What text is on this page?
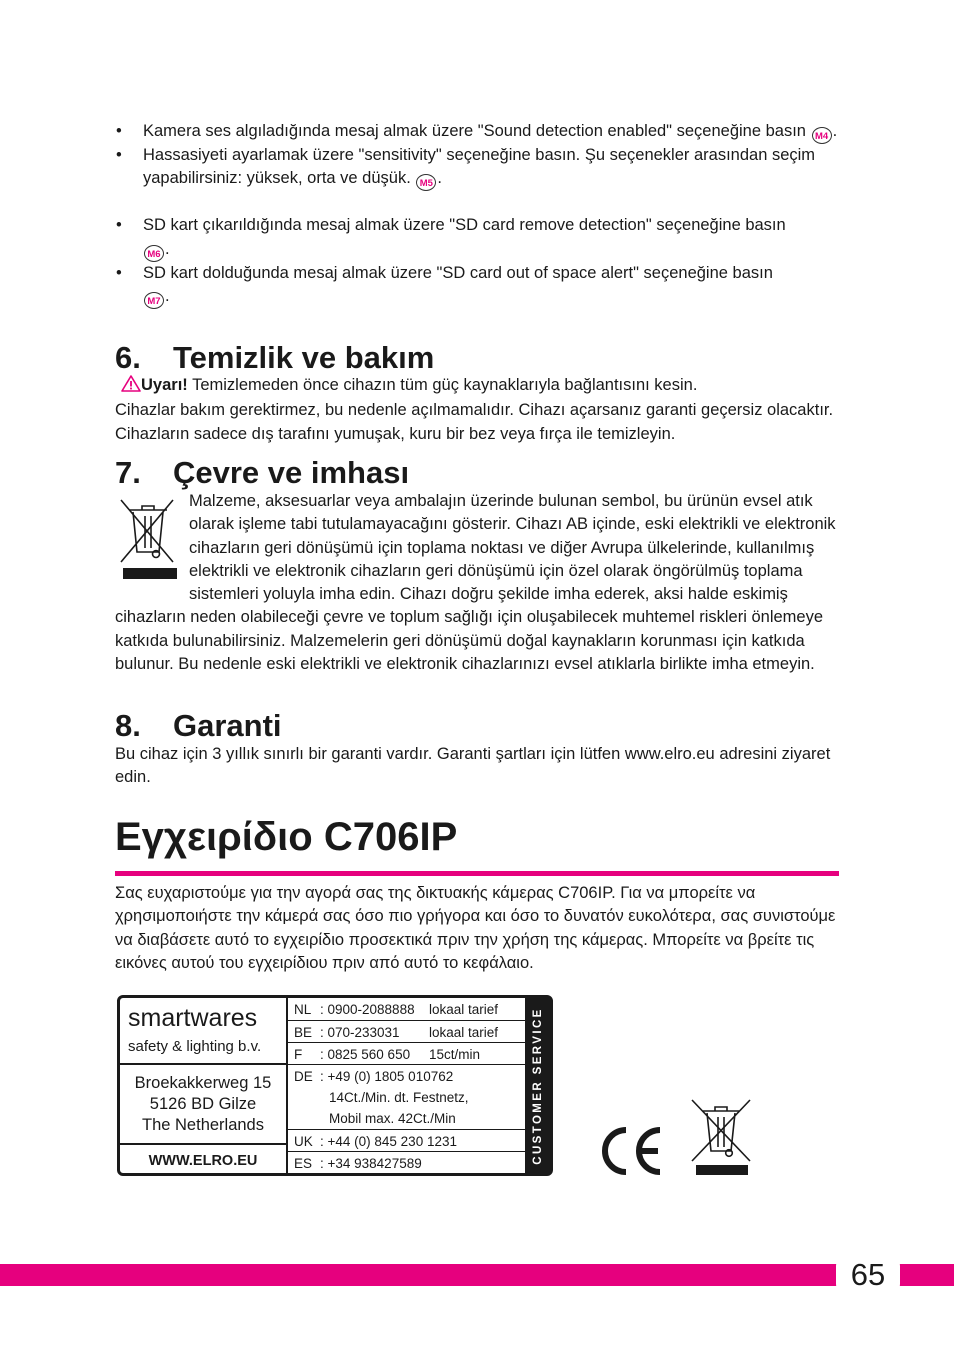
• Kamera ses algıladığında mesaj almak üzere "Sound detection enabled" seçeneğine basın M4 .
• Hassasiyeti ayarlamak üzere "sensitivity" seçeneğine basın. Şu seçenekler arasından seçim yapabilirsiniz: yüksek, orta ve düşük. M5 .
• SD kart çıkarıldığında mesaj almak üzere "SD card remove detection" seçeneğine basın
M6 .
• SD kart dolduğunda mesaj almak üzere "SD card out of space alert" seçeneğine basın
M7 .
6. Temizlik ve bakım
Uyarı! Temizlemeden önce cihazın tüm güç kaynaklarıyla bağlantısını kesin.
Cihazlar bakım gerektirmez, bu nedenle açılmamalıdır. Cihazı açarsanız garanti geçersiz olacaktır. Cihazların sadece dış tarafını yumuşak, kuru bir bez veya fırça ile temizleyin.
7. Çevre ve imhası
Malzeme, aksesuarlar veya ambalajın üzerinde bulunan sembol, bu ürünün evsel atık olarak işleme tabi tutulamayacağını gösterir. Cihazı AB içinde, eski elektrikli ve elektronik cihazların geri dönüşümü için toplama noktası ve diğer Avrupa ülkelerinde, kullanılmış elektrikli ve elektronik cihazların geri dönüşümü için özel olarak öngörülmüş toplama sistemleri yoluyla imha edin. Cihazı doğru şekilde imha ederek, aksi halde eskimiş cihazların neden olabileceği çevre ve toplum sağlığı için oluşabilecek muhtemel riskleri önlemeye katkıda bulunabilirsiniz. Malzemelerin geri dönüşümü doğal kaynakların korunması için katkıda bulunur. Bu nedenle eski elektrikli ve elektronik cihazlarınızı evsel atıklarla birlikte imha etmeyin.
8. Garanti
Bu cihaz için 3 yıllık sınırlı bir garanti vardır. Garanti şartları için lütfen www.elro.eu adresini ziyaret edin.
Εγχειρίδιο C706IP
Σας ευχαριστούμε για την αγορά σας της δικτυακής κάμερας C706IP. Για να μπορείτε να χρησιμοποιήστε την κάμερά σας όσο πιο γρήγορα και όσο το δυνατόν ευκολότερα, σας συνιστούμε να διαβάσετε αυτό το εγχειρίδιο προσεκτικά πριν την χρήση της κάμερας. Μπορείτε να βρείτε τις εικόνες αυτού του εγχειρίδιου πριν από αυτό το κεφάλαιο.
smartwares
safety & lighting b.v.
Broekakkerweg 15
5126 BD Gilze
The Netherlands
WWW.ELRO.EU
NL : 0900-2088888 lokaal tarief
BE : 070-233031 lokaal tarief
F : 0825 560 650 15ct/min
DE : +49 (0) 1805 010762
14Ct./Min. dt. Festnetz,
Mobil max. 42Ct./Min
UK : +44 (0) 845 230 1231
ES : +34 938427589	CUSTOMER SERVICE
65
